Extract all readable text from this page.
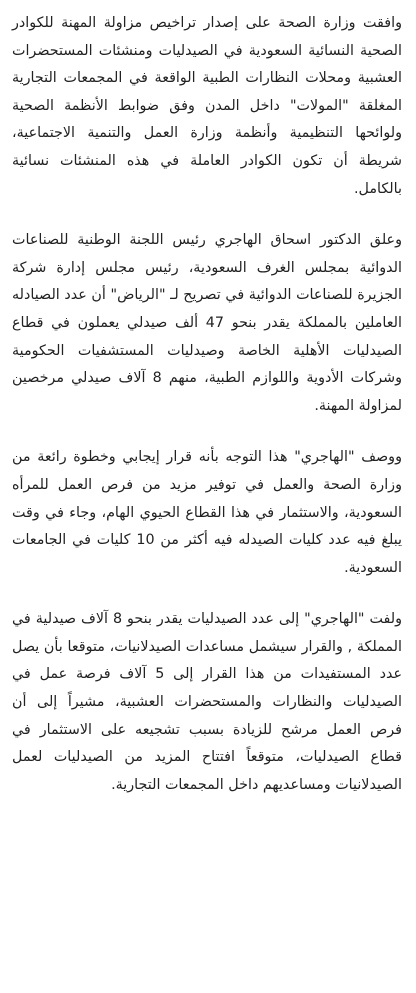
وافقت وزارة الصحة على إصدار تراخيص مزاولة المهنة للكوادر الصحية النسائية السعودية في الصيدليات ومنشئات المستحضرات العشبية ومحلات النظارات الطبية الواقعة في المجمعات التجارية المغلقة "المولات" داخل المدن وفق ضوابط الأنظمة الصحية ولوائحها التنظيمية وأنظمة وزارة العمل والتنمية الاجتماعية، شريطة أن تكون الكوادر العاملة في هذه المنشئات نسائية بالكامل.

وعلق الدكتور اسحاق الهاجري رئيس اللجنة الوطنية للصناعات الدوائية بمجلس الغرف السعودية، رئيس مجلس إدارة شركة الجزيرة للصناعات الدوائية في تصريح لـ "الرياض" أن عدد الصيادله العاملين بالمملكة يقدر بنحو 47 ألف صيدلي يعملون في قطاع الصيدليات الأهلية الخاصة وصيدليات المستشفيات الحكومية وشركات الأدوية واللوازم الطبية، منهم 8 آلاف صيدلي مرخصين لمزاولة المهنة.

ووصف "الهاجري" هذا التوجه بأنه قرار إيجابي وخطوة رائعة من وزارة الصحة والعمل في توفير مزيد من فرص العمل للمرأه السعودية، والاستثمار في هذا القطاع الحيوي الهام، وجاء في وقت يبلغ فيه عدد كليات الصيدله فيه أكثر من 10 كليات في الجامعات السعودية.

ولفت "الهاجري" إلى عدد الصيدليات يقدر بنحو 8 آلاف صيدلية في المملكة , والقرار سيشمل مساعدات الصيدلانيات، متوقعا بأن يصل عدد المستفيدات من هذا القرار إلى 5 آلاف فرصة عمل في الصيدليات والنظارات والمستحضرات العشبية، مشيراً إلى أن فرص العمل مرشح للزيادة بسبب تشجيعه على الاستثمار في قطاع الصيدليات، متوقعاً افتتاح المزيد من الصيدليات لعمل الصيدلانيات ومساعديهم داخل المجمعات التجارية.
